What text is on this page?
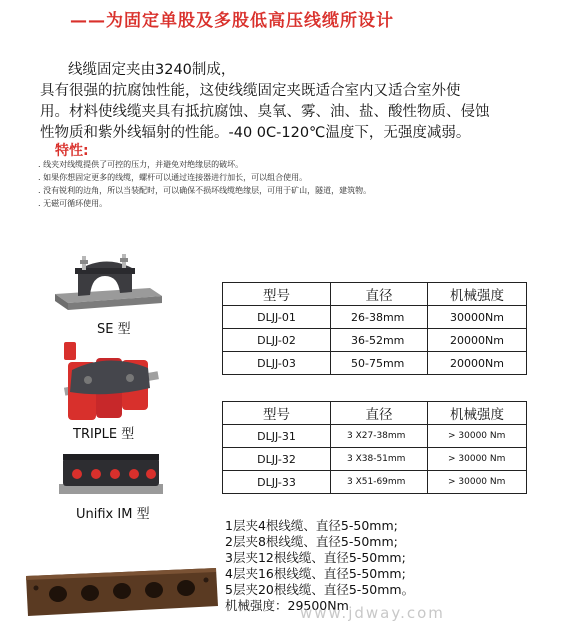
——为固定单股及多股低高压线缆所设计

线缆固定夹由3240制成，

具有很强的抗腐蚀性能，这使线缆固定夹既适合室内又适合室外使

用。材料使线缆夹具有抵抗腐蚀、臭氧、雾、油、盐、酸性物质、侵蚀

性物质和紫外线辐射的性能。-40 0C-120℃温度下，无强度减弱。

特性:
. 线夹对线缆提供了可控的压力，并避免对绝缘层的破坏。
. 如果你想固定更多的线缆，螺杆可以通过连接器进行加长，可以组合使用。
. 没有锐利的边角，所以当装配时，可以确保不损坏线缆绝缘层，可用于矿山，隧道，建筑物。
. 无磁可循环使用。
SE 型
TRIPLE 型
Unifix IM 型
型号	直径	机械强度
DLJJ-01	26-38mm	30000Nm
DLJJ-02	36-52mm	20000Nm
DLJJ-03	50-75mm	20000Nm
型号	直径	机械强度
DLJJ-31	3 X27-38mm	> 30000 Nm
DLJJ-32	3 X38-51mm	> 30000 Nm
DLJJ-33	3 X51-69mm	> 30000 Nm
1层夹4根线缆、直径5-50mm;
2层夹8根线缆、直径5-50mm;
3层夹12根线缆、直径5-50mm;
4层夹16根线缆、直径5-50mm;
5层夹20根线缆、直径5-50mm。
机械强度：29500Nm
www.jdway.com
